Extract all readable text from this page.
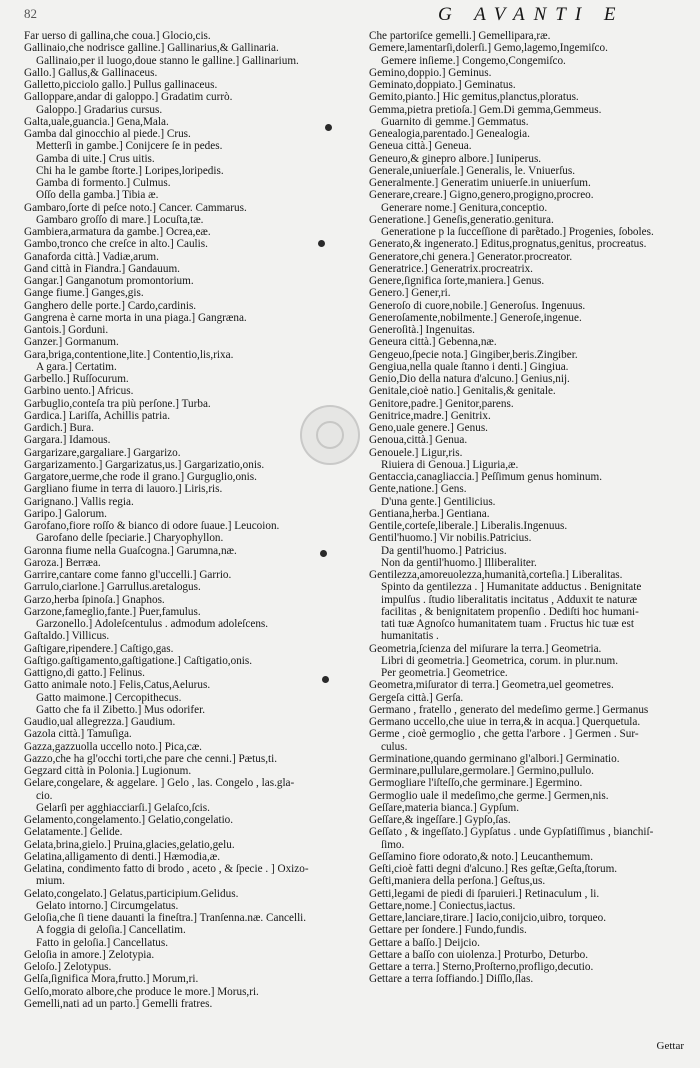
82	G AVANTI E
Far uerso di gallina,che coua.] Glocio,cis.
Gallinaio,che nodrisce galline.] Gallinarius,& Gallinaria.
Gallinaio,per il luogo,doue stanno le galline.] Gallinarium.
Gallo.] Gallus,& Gallinaceus.
Galletto,picciolo gallo.] Pullus gallinaceus.
Galloppare,andar di galoppo.] Gradatim currò.
Galoppo.] Gradarius cursus.
Galta,uale,guancia.] Gena,Mala.
Gamba dal ginocchio al piede.] Crus.
Metterſi in gambe.] Conijcere ſe in pedes.
Gamba di uite.] Crus uitis.
Chi ha le gambe ſtorte.] Loripes,loripedis.
Gamba di formento.] Culmus.
Oſſo della gamba.] Tibia æ.
Gambaro,ſorte di peſce noto.] Cancer. Cammarus.
Gambaro groſſo di mare.] Locuſta,tæ.
Gambiera,armatura da gambe.] Ocrea,eæ.
Gambo,tronco che creſce in alto.] Caulis.
Ganaforda città.] Vadiæ,arum.
Gand città in Fiandra.] Gandauum.
Gangar.] Ganganotum promontorium.
Gange fiume.] Ganges,gis.
Ganghero delle porte.] Cardo,cardinis.
Gangrena è carne morta in una piaga.] Gangræna.
Gantois.] Gorduni.
Ganzer.] Gormanum.
Gara,briga,contentione,lite.] Contentio,lis,rixa.
A gara.] Certatim.
Garbello.] Ruſſocurum.
Garbino uento.] Africus.
Garbuglio,conteſa tra più perſone.] Turba.
Gardica.] Lariſſa, Achillis patria.
Gardich.] Bura.
Gargara.] Idamous.
Gargarizare,gargaliare.] Gargarizo.
Gargarizamento.] Gargarizatus,us.] Gargarizatio,onis.
Gargatore,uerme,che rode il grano.] Gurguglio,onis.
Gargliano fiume in terra di lauoro.] Liris,ris.
Garignano.] Vallis regia.
Garipo.] Galorum.
Garofano,fiore roſſo & bianco di odore ſuaue.] Leucoion.
Garofano delle ſpeciarie.] Charyophyllon.
Garonna fiume nella Guaſcogna.] Garumna,næ.
Garoza.] Berræa.
Garrire,cantare come fanno gl'uccelli.] Garrio.
Garrulo,ciarlone.] Garrullus.aretalogus.
Garzo,herba ſpinoſa.] Gnaphos.
Garzone,fameglio,fante.] Puer,famulus.
Garzonello.] Adoleſcentulus . admodum adoleſcens.
Gaſtaldo.] Villicus.
Gaſtigare,ripendere.] Caſtigo,gas.
Gaſtigo.gaſtigamento,gaſtigatione.] Caſtigatio,onis.
Gattigno,di gatto.] Felinus.
Gatto animale noto.] Felis,Catus,Aelurus.
Gatto maimone.] Cercopithecus.
Gatto che fa il Zibetto.] Mus odorifer.
Gaudio,ual allegrezza.] Gaudium.
Gazola città.] Tamuſiga.
Gazza,gazzuolla uccello noto.] Pica,cæ.
Gazzo,che ha gl'occhi torti,che pare che cenni.] Pætus,ti.
Gegzard città in Polonia.] Lugionum.
Gelare,congelare, & aggelare. ] Gelo , las. Congelo , las.gla-
cio.
Gelarſi per agghiacciarſi.] Gelaſco,ſcis.
Gelamento,congelamento.] Gelatio,congelatio.
Gelatamente.] Gelide.
Gelata,brina,gielo.] Pruina,glacies,gelatio,gelu.
Gelatina,alligamento di denti.] Hæmodia,æ.
Gelatina, condimento fatto di brodo , aceto , & ſpecie . ] Oxizo-
mium.
Gelato,congelato.] Gelatus,participium.Gelidus.
Gelato intorno.] Circumgelatus.
Geloſia,che ſi tiene dauanti la fineſtra.] Tranſenna.næ. Cancelli.
A foggia di geloſia.] Cancellatim.
Fatto in geloſia.] Cancellatus.
Geloſia in amore.] Zelotypia.
Geloſo.] Zelotypus.
Gelſa,ſignifica Mora,frutto.] Morum,ri.
Gelſo,morato albore,che produce le more.] Morus,ri.
Gemelli,nati ad un parto.] Gemelli fratres.
Che partoriſce gemelli.] Gemellipara,ræ.
Gemere,lamentarſi,dolerſi.] Gemo,lagemo,Ingemiſco.
Gemere inſieme.] Congemo,Congemiſco.
Gemino,doppio.] Geminus.
Geminato,doppiato.] Geminatus.
Gemito,pianto.] Hic gemitus,planctus,ploratus.
Gemma,pietra pretioſa.] Gem.Di gemma,Gemmeus.
Guarnito di gemme.] Gemmatus.
Genealogia,parentado.] Genealogia.
Geneua città.] Geneua.
Geneuro,& ginepro albore.] Iuniperus.
Generale,uniuerſale.] Generalis, le. Vniuerſus.
Generalmente.] Generatim uniuerſe.in uniuerſum.
Generare,creare.] Gigno,genero,progigno,procreo.
Generare nome.] Genitura,conceptio.
Generatione.] Geneſis,generatio.genitura.
Generatione p la ſucceſſione di parẽtado.] Progenies, ſoboles.
Generato,& ingenerato.] Editus,prognatus,genitus, procreatus.
Generatore,chi genera.] Generator.procreator.
Generatrice.] Generatrix.procreatrix.
Genere,ſignifica ſorte,maniera.] Genus.
Genero.] Gener,ri.
Generoſo di cuore,nobile.] Generoſus. Ingenuus.
Generoſamente,nobilmente.] Generoſe,ingenue.
Generoſità.] Ingenuitas.
Geneura città.] Gebenna,næ.
Gengeuo,ſpecie nota.] Gingiber,beris.Zingiber.
Gengiua,nella quale ſtanno i denti.] Gingiua.
Genio,Dio della natura d'alcuno.] Genius,nij.
Genitale,cioè natio.] Genitalis,& genitale.
Genitore,padre.] Genitor,parens.
Genitrice,madre.] Genitrix.
Geno,uale genere.] Genus.
Genoua,città.] Genua.
Genouele.] Ligur,ris.
Riuiera di Genoua.] Liguria,æ.
Gentaccia,canagliaccia.] Peſſimum genus hominum.
Gente,natione.] Gens.
D'una gente.] Gentilicius.
Gentiana,herba.] Gentiana.
Gentile,corteſe,liberale.] Liberalis.Ingenuus.
Gentil'huomo.] Vir nobilis.Patricius.
Da gentil'huomo.] Patricius.
Non da gentil'huomo.] Illiberaliter.
Gentilezza,amoreuolezza,humanità,corteſia.] Liberalitas.
Spinto da gentilezza . ] Humanitate adductus . Benignitate
impulſus . ſtudio liberalitatis incitatus , Adduxit te naturæ
facilitas , & benignitatem propenſio . Dediſti hoc humani-
tati tuæ Agnoſco humanitatem tuam . Fructus hic tuæ est
humanitatis .
Geometria,ſcienza del miſurare la terra.] Geometria.
Libri di geometria.] Geometrica, corum. in plur.num.
Per geometria.] Geometrice.
Geometra,miſurator di terra.] Geometra,uel geometres.
Gergeſa città.] Gerſa.
Germano , fratello , generato del medeſimo germe.] Germanus
Germano uccello,che uiue in terra,& in acqua.] Querquetula.
Germe , cioè germoglio , che getta l'arbore . ] Germen . Sur-
culus.
Germinatione,quando germinano gl'albori.] Germinatio.
Germinare,pullulare,germolare.] Germino,pullulo.
Germogliare l'iſteſſo,che germinare.] Egermino.
Germoglio uale il medeſimo,che germe.] Germen,nis.
Geſſare,materia bianca.] Gypſum.
Geſſare,& ingeſſare.] Gypſo,ſas.
Geſſato , & ingeſſato.] Gypſatus . unde Gypſatiſſimus , bianchiſ-
ſimo.
Geſſamino fiore odorato,& noto.] Leucanthemum.
Geſti,cioè fatti degni d'alcuno.] Res geſtæ,Geſta,ſtorum.
Geſti,maniera della perſona.] Geſtus,us.
Getti,legami de piedi di ſparuieri.] Retinaculum , li.
Gettare,nome.] Coniectus,iactus.
Gettare,lanciare,tirare.] Iacio,conijcio,uibro, torqueo.
Gettare per ſondere.] Fundo,fundis.
Gettare a baſſo.] Deijcio.
Gettare a baſſo con uiolenza.] Proturbo, Deturbo.
Gettare a terra.] Sterno,Proſterno,profligo,decutio.
Gettare a terra ſoffiando.] Diſſlo,ſlas.
Gettar
